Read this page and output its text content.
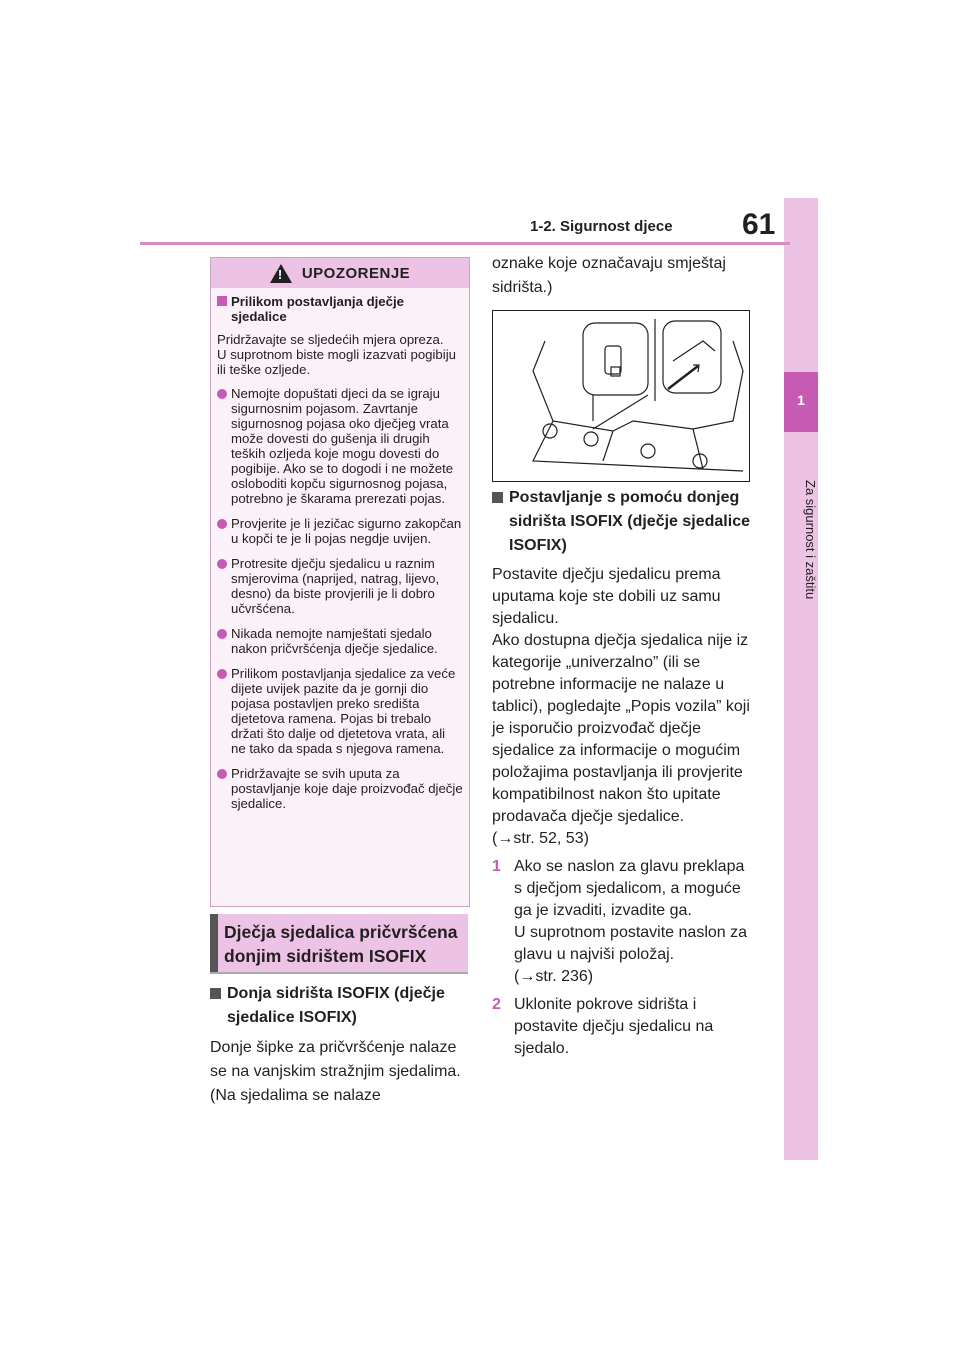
1
Za sigurnost i zaštitu
1-2. Sigurnost djece 61
!
UPOZORENJE
Prilikom postavljanja dječje sjedalice
Pridržavajte se sljedećih mjera opreza.
U suprotnom biste mogli izazvati pogibiju ili teške ozljede.
Nemojte dopuštati djeci da se igraju sigurnosnim pojasom. Zavrtanje sigurnosnog pojasa oko dječjeg vrata može dovesti do gušenja ili drugih teških ozljeda koje mogu dovesti do pogibije. Ako se to dogodi i ne možete osloboditi kopču sigurnosnog pojasa, potrebno je škarama prerezati pojas.
Provjerite je li jezičac sigurno zakopčan u kopči te je li pojas negdje uvijen.
Protresite dječju sjedalicu u raznim smjerovima (naprijed, natrag, lijevo, desno) da biste provjerili je li dobro učvršćena.
Nikada nemojte namještati sjedalo nakon pričvršćenja dječje sjedalice.
Prilikom postavljanja sjedalice za veće dijete uvijek pazite da je gornji dio pojasa postavljen preko središta djetetova ramena. Pojas bi trebalo držati što dalje od djetetova vrata, ali ne tako da spada s njegova ramena.
Pridržavajte se svih uputa za postavljanje koje daje proizvođač dječje sjedalice.
Dječja sjedalica pričvršćena donjim sidrištem ISOFIX
Donja sidrišta ISOFIX (dječje sjedalice ISOFIX)
Donje šipke za pričvršćenje nalaze se na vanjskim stražnjim sjedalima. (Na sjedalima se nalaze
oznake koje označavaju smještaj sidrišta.)
Postavljanje s pomoću donjeg sidrišta ISOFIX (dječje sjedalice ISOFIX)
Postavite dječju sjedalicu prema uputama koje ste dobili uz samu sjedalicu.
Ako dostupna dječja sjedalica nije iz kategorije „univerzalno” (ili se potrebne informacije ne nalaze u tablici), pogledajte „Popis vozila” koji je isporučio proizvođač dječje sjedalice za informacije o mogućim položajima postavljanja ili provjerite kompatibilnost nakon što upitate prodavača dječje sjedalice.
(→str. 52, 53)
1 Ako se naslon za glavu preklapa s dječjom sjedalicom, a moguće ga je izvaditi, izvadite ga.
U suprotnom postavite naslon za glavu u najviši položaj.
(→str. 236)
2 Uklonite pokrove sidrišta i postavite dječju sjedalicu na sjedalo.
